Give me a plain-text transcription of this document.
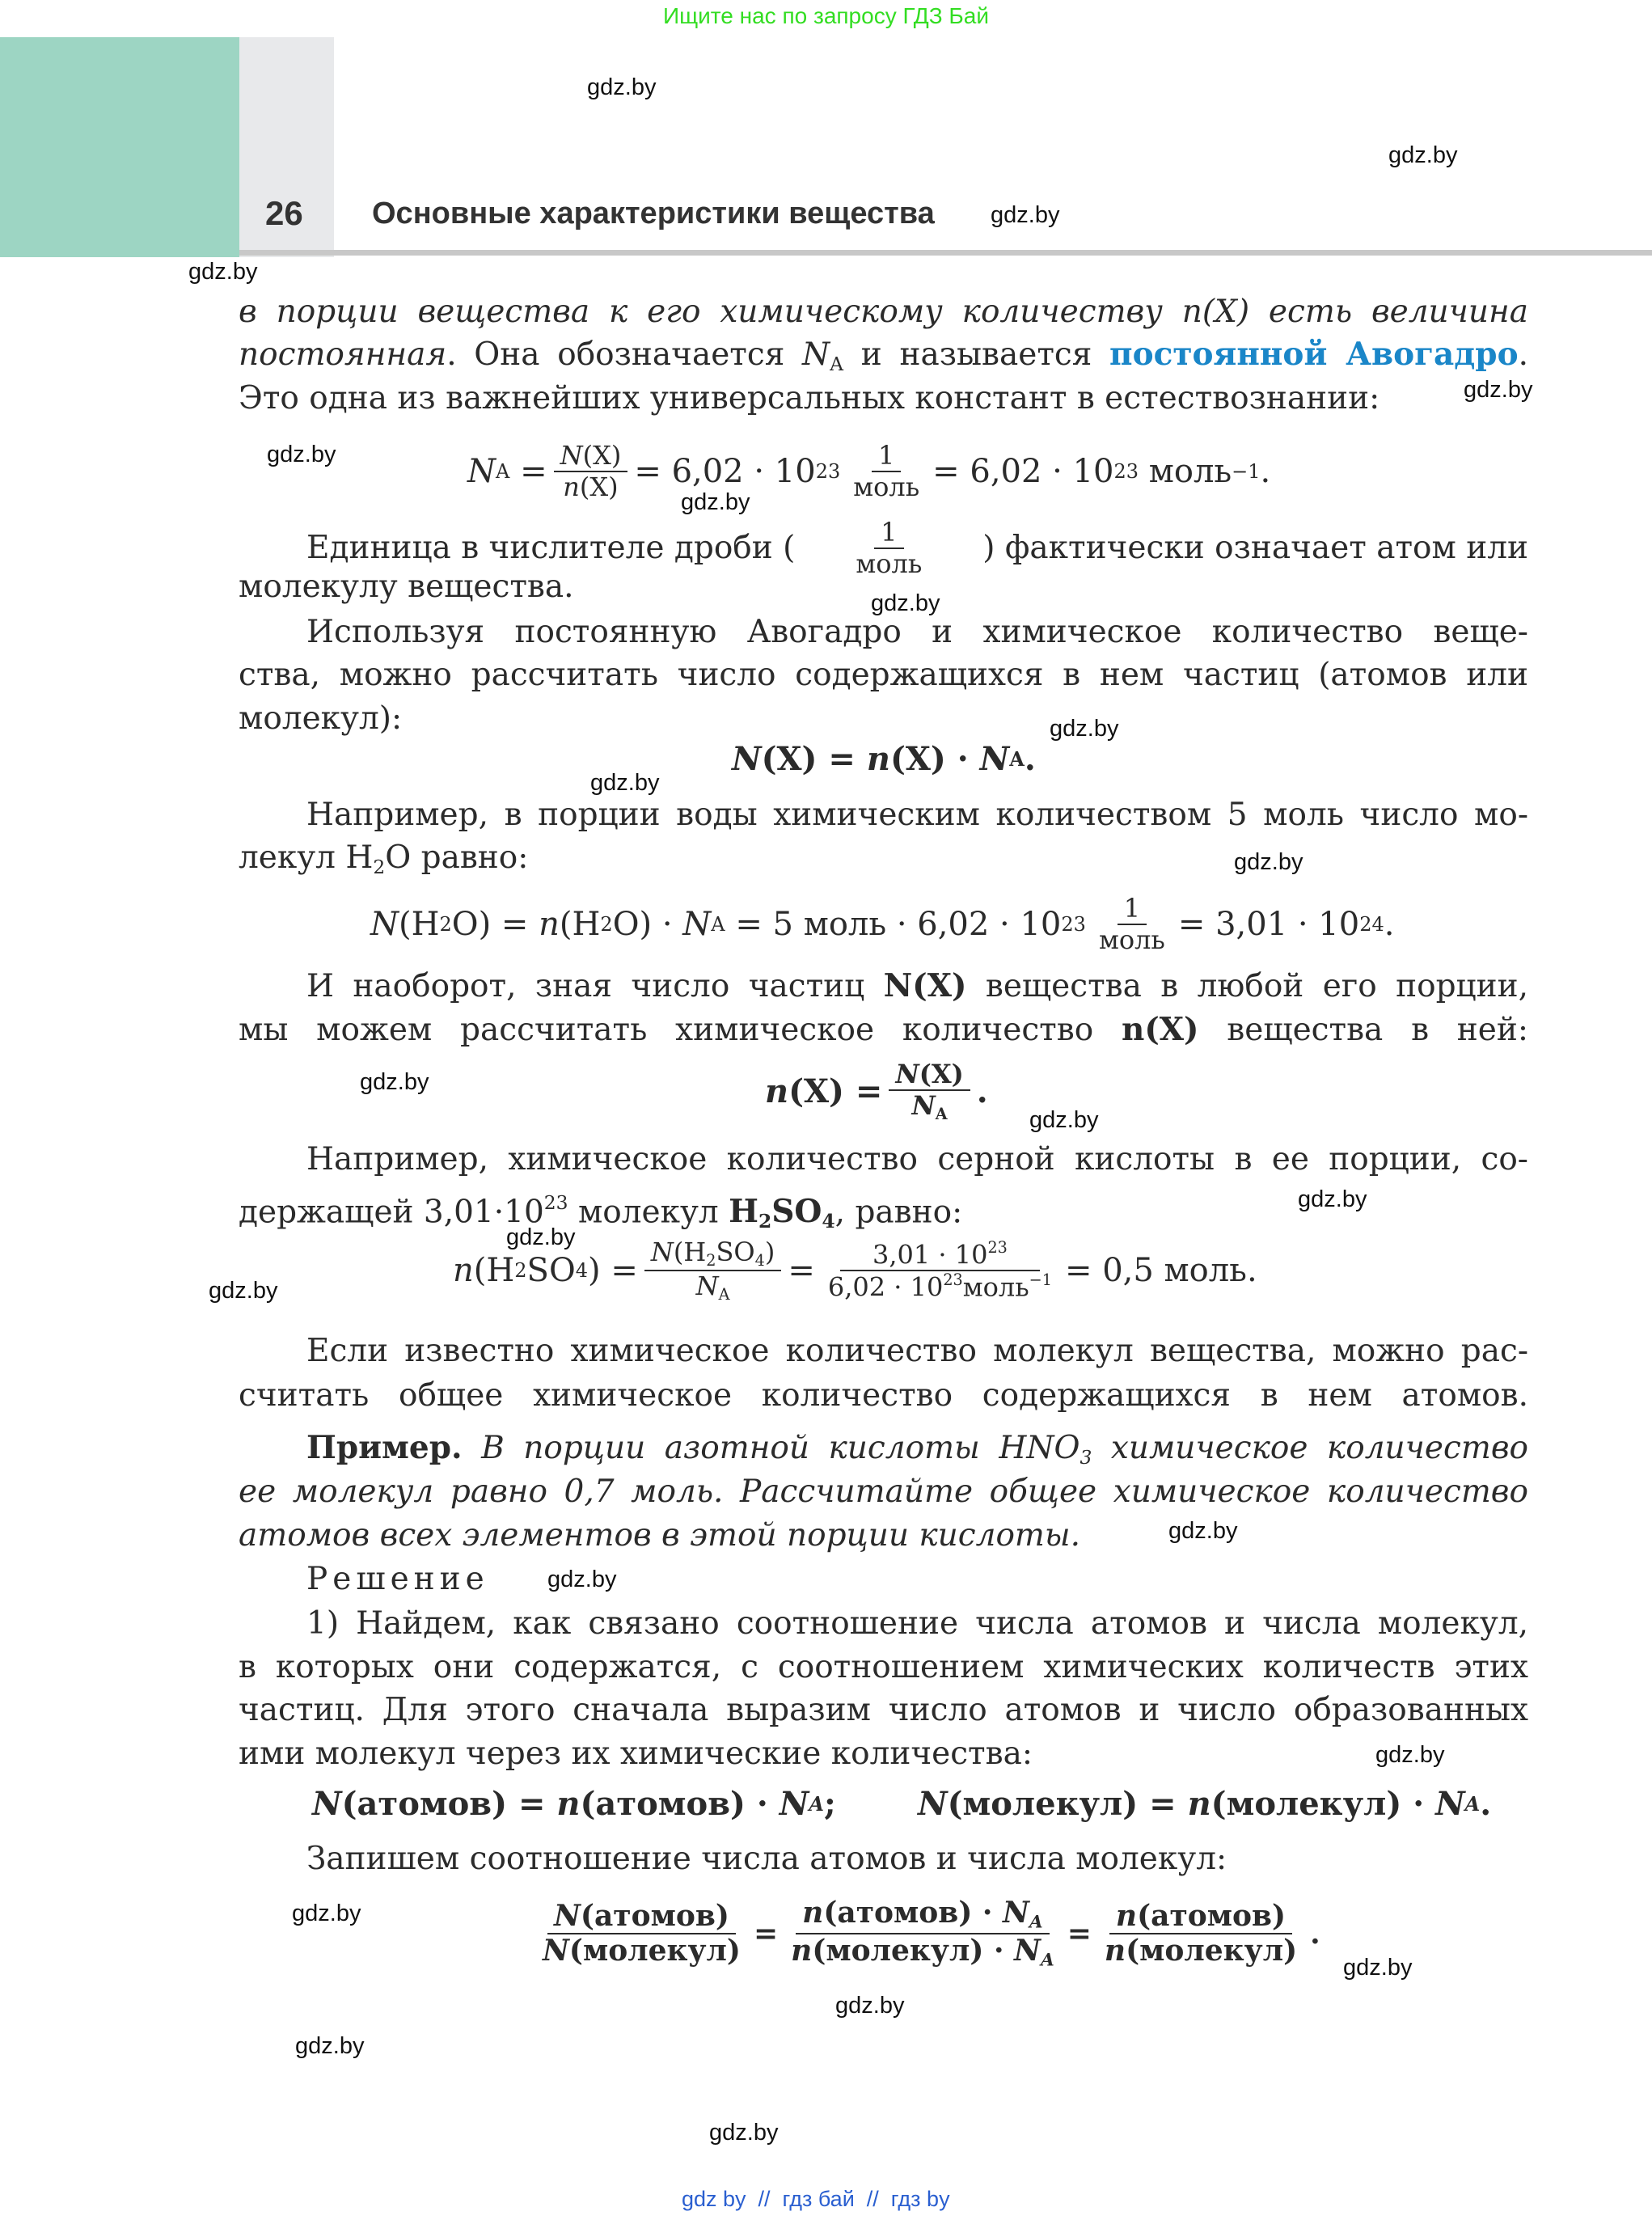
Ищите нас по запросу ГДЗ Бай
26 Основные характеристики вещества
gdz.by
gdz.by
gdz.by
gdz.by
gdz.by
gdz.by
gdz.by
gdz.by
gdz.by
gdz.by
gdz.by
gdz.by
gdz.by
gdz.by
gdz.by
gdz.by
gdz.by
gdz.by
gdz.by
gdz.by
gdz.by
gdz.by
gdz.by
gdz.by
в порции вещества к его химическому количеству n(X) есть величина
постоянная. Она обозначается $N_A$ и называется постоянной Авогадро.
Это одна из важнейших универсальных констант в естествознании:
N A
= $\frac{N(X)}{n(X)}$ =
6,02
·
10 $23 \frac{1}{\text{моль}}$ =
6,02
·
10 23
моль −1 .
Единица в числителе дроби ( $\frac{1}{\text{моль}}$ ) фактически означает атом или
молекулу вещества.
Используя постоянную Авогадро и химическое количество веще-
ства, можно рассчитать число содержащихся в нем частиц (атомов или
молекул):
N (X)
=
n (X)
·
N A .
Например, в порции воды химическим количеством 5 моль число мо-
лекул $H_2O$ равно:
N (H 2 O)
=
n (H 2 O)
·
N A
=
5
моль
·
6,02
·
10 $23 \frac{1}{\text{моль}}$ =
3,01
·
10 24 .
И наоборот, зная число частиц N(X) вещества в любой его порции,
мы можем рассчитать химическое количество n(X) вещества в ней:
n (X)
= $\frac{N(X)}{N_A}$ .
Например, химическое количество серной кислоты в ее порции, со-
держащей $3,01\cdot 10^{23}$ молекул $H_2SO_4$, равно:
n (H 2 SO 4 )
= $\frac{N(H_2SO_4)}{N_A} = \frac{3,01 \cdot 10^{23}}{6,02 \cdot 10^{23}моль^{-1}}$ =
0,5
моль .
Если известно химическое количество молекул вещества, можно рас-
считать общее химическое количество содержащихся в нем атомов.
Пример. В порции азотной кислоты $HNO_3$ химическое количество
ее молекул равно 0,7 моль. Рассчитайте общее химическое количество
атомов всех элементов в этой порции кислоты.
Решение
1) Найдем, как связано соотношение числа атомов и числа молекул,
в которых они содержатся, с соотношением химических количеств этих
частиц. Для этого сначала выразим число атомов и число образованных
ими молекул через их химические количества:
N (атомов)
=
n (атомов)
·
N A ;	N (молекул)
=
n (молекул)
·
N A .
Запишем соотношение числа атомов и числа молекул:
$\frac{\text{N(атомов)}}{\text{N(молекул)}} = \frac{n(атомов) \cdot N_A}{n(молекул) \cdot N_A} = \frac{\text{n(атомов)}}{\text{n(молекул)}}$ .
gdz by  //  гдз бай  //  гдз by
